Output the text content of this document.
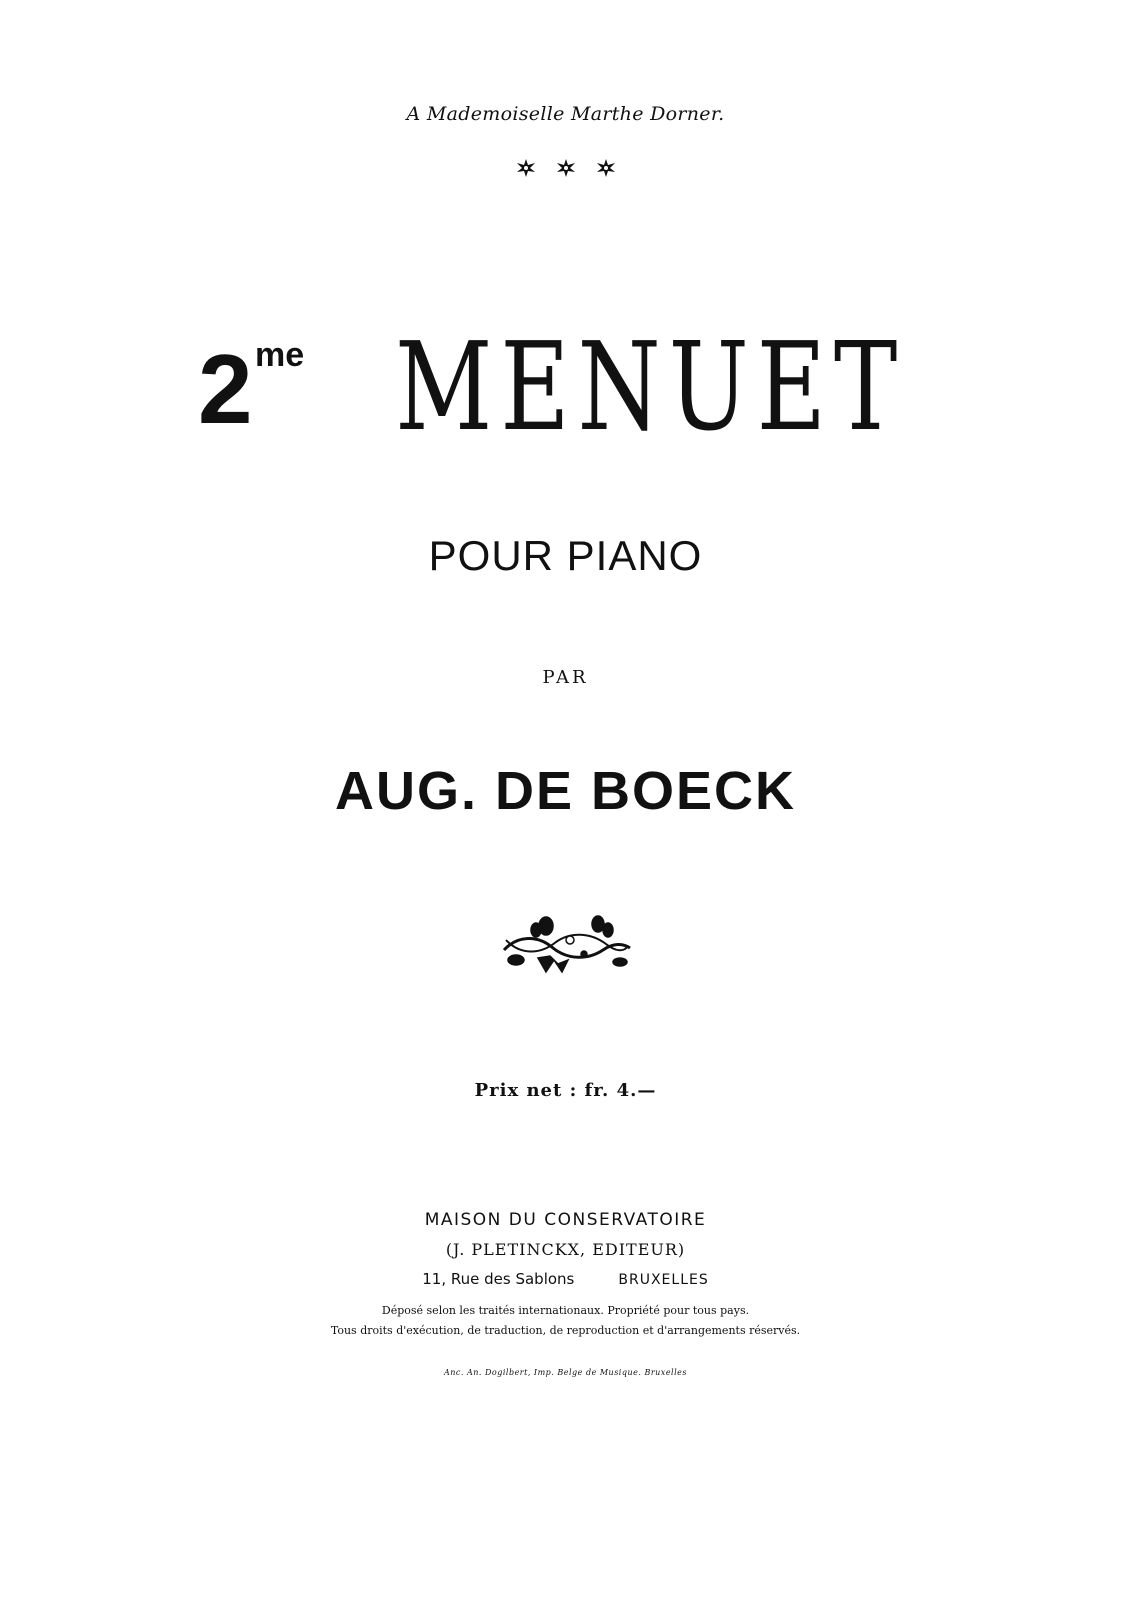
A Mademoiselle Marthe Dorner.
2 me MENUET
POUR PIANO
PAR
AUG. DE BOECK
Prix net : fr. 4.—
MAISON DU CONSERVATOIRE
(J. PLETINCKX, EDITEUR)
11, Rue des Sablons	BRUXELLES
Déposé selon les traités internationaux. Propriété pour tous pays.
Tous droits d'exécution, de traduction, de reproduction et d'arrangements réservés.
Anc. An. Dogilbert, Imp. Belge de Musique. Bruxelles
